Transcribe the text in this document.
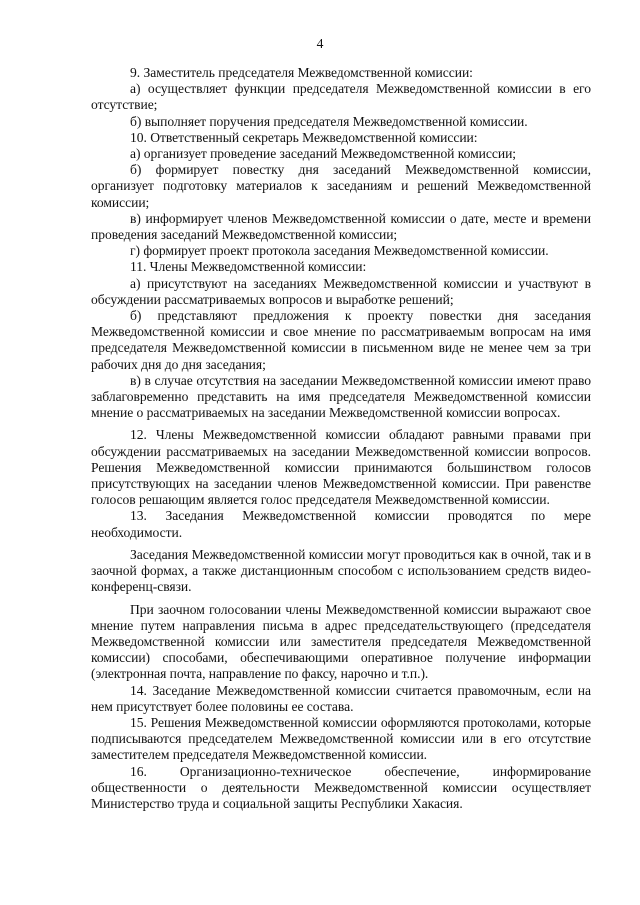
4

9. Заместитель председателя Межведомственной комиссии:

а) осуществляет функции председателя Межведомственной комиссии в его отсутствие;

б) выполняет поручения председателя Межведомственной комиссии.

10. Ответственный секретарь Межведомственной комиссии:

а) организует проведение заседаний Межведомственной комиссии;

б) формирует повестку дня заседаний Межведомственной комиссии, организует подготовку материалов к заседаниям и решений Межведомственной комиссии;

в) информирует членов Межведомственной комиссии о дате, месте и времени проведения заседаний Межведомственной комиссии;

г) формирует проект протокола заседания Межведомственной комиссии.

11. Члены Межведомственной комиссии:

а) присутствуют на заседаниях Межведомственной комиссии и участвуют в обсуждении рассматриваемых вопросов и выработке решений;

б) представляют предложения к проекту повестки дня заседания Межведомственной комиссии и свое мнение по рассматриваемым вопросам на имя председателя Межведомственной комиссии в письменном виде не менее чем за три рабочих дня до дня заседания;

в) в случае отсутствия на заседании Межведомственной комиссии имеют право заблаговременно представить на имя председателя Межведомственной комиссии мнение о рассматриваемых на заседании Межведомственной комиссии вопросах.

12. Члены Межведомственной комиссии обладают равными правами при обсуждении рассматриваемых на заседании Межведомственной комиссии вопросов. Решения Межведомственной комиссии принимаются большинством голосов присутствующих на заседании членов Межведомственной комиссии. При равенстве голосов решающим является голос председателя Межведомственной комиссии.

13. Заседания Межведомственной комиссии проводятся по мере необходимости.

Заседания Межведомственной комиссии могут проводиться как в очной, так и в заочной формах, а также дистанционным способом с использованием средств видео-конференц-связи.

При заочном голосовании члены Межведомственной комиссии выражают свое мнение путем направления письма в адрес председательствующего (председателя Межведомственной комиссии или заместителя председателя Межведомственной комиссии) способами, обеспечивающими оперативное получение информации (электронная почта, направление по факсу, нарочно и т.п.).

14. Заседание Межведомственной комиссии считается правомочным, если на нем присутствует более половины ее состава.

15. Решения Межведомственной комиссии оформляются протоколами, которые подписываются председателем Межведомственной комиссии или в его отсутствие заместителем председателя Межведомственной комиссии.

16. Организационно-техническое обеспечение, информирование общественности о деятельности Межведомственной комиссии осуществляет Министерство труда и социальной защиты Республики Хакасия.
